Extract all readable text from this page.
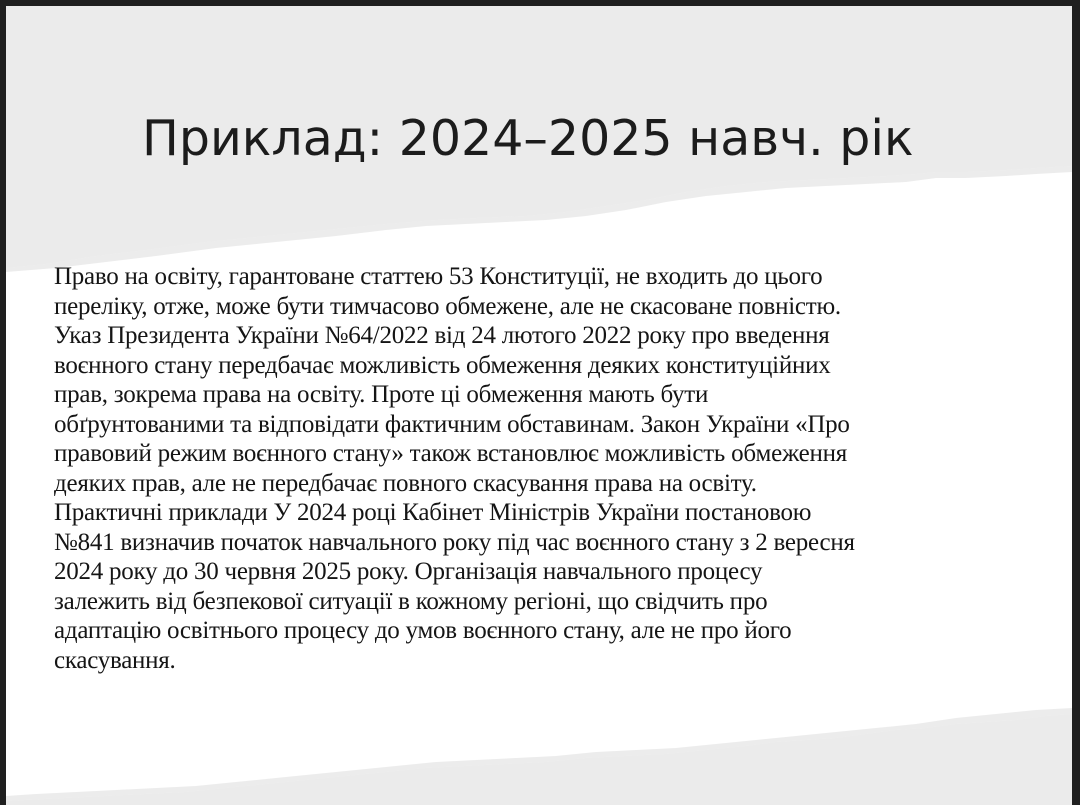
Приклад: 2024–2025 навч. рік
Право на освіту, гарантоване статтею 53 Конституції, не входить до цього
переліку, отже, може бути тимчасово обмежене, але не скасоване повністю.
Указ Президента України №64/2022 від 24 лютого 2022 року про введення
воєнного стану передбачає можливість обмеження деяких конституційних
прав, зокрема права на освіту. Проте ці обмеження мають бути
обґрунтованими та відповідати фактичним обставинам. Закон України «Про
правовий режим воєнного стану» також встановлює можливість обмеження
деяких прав, але не передбачає повного скасування права на освіту.
Практичні приклади У 2024 році Кабінет Міністрів України постановою
№841 визначив початок навчального року під час воєнного стану з 2 вересня
2024 року до 30 червня 2025 року. Організація навчального процесу
залежить від безпекової ситуації в кожному регіоні, що свідчить про
адаптацію освітнього процесу до умов воєнного стану, але не про його
скасування.
